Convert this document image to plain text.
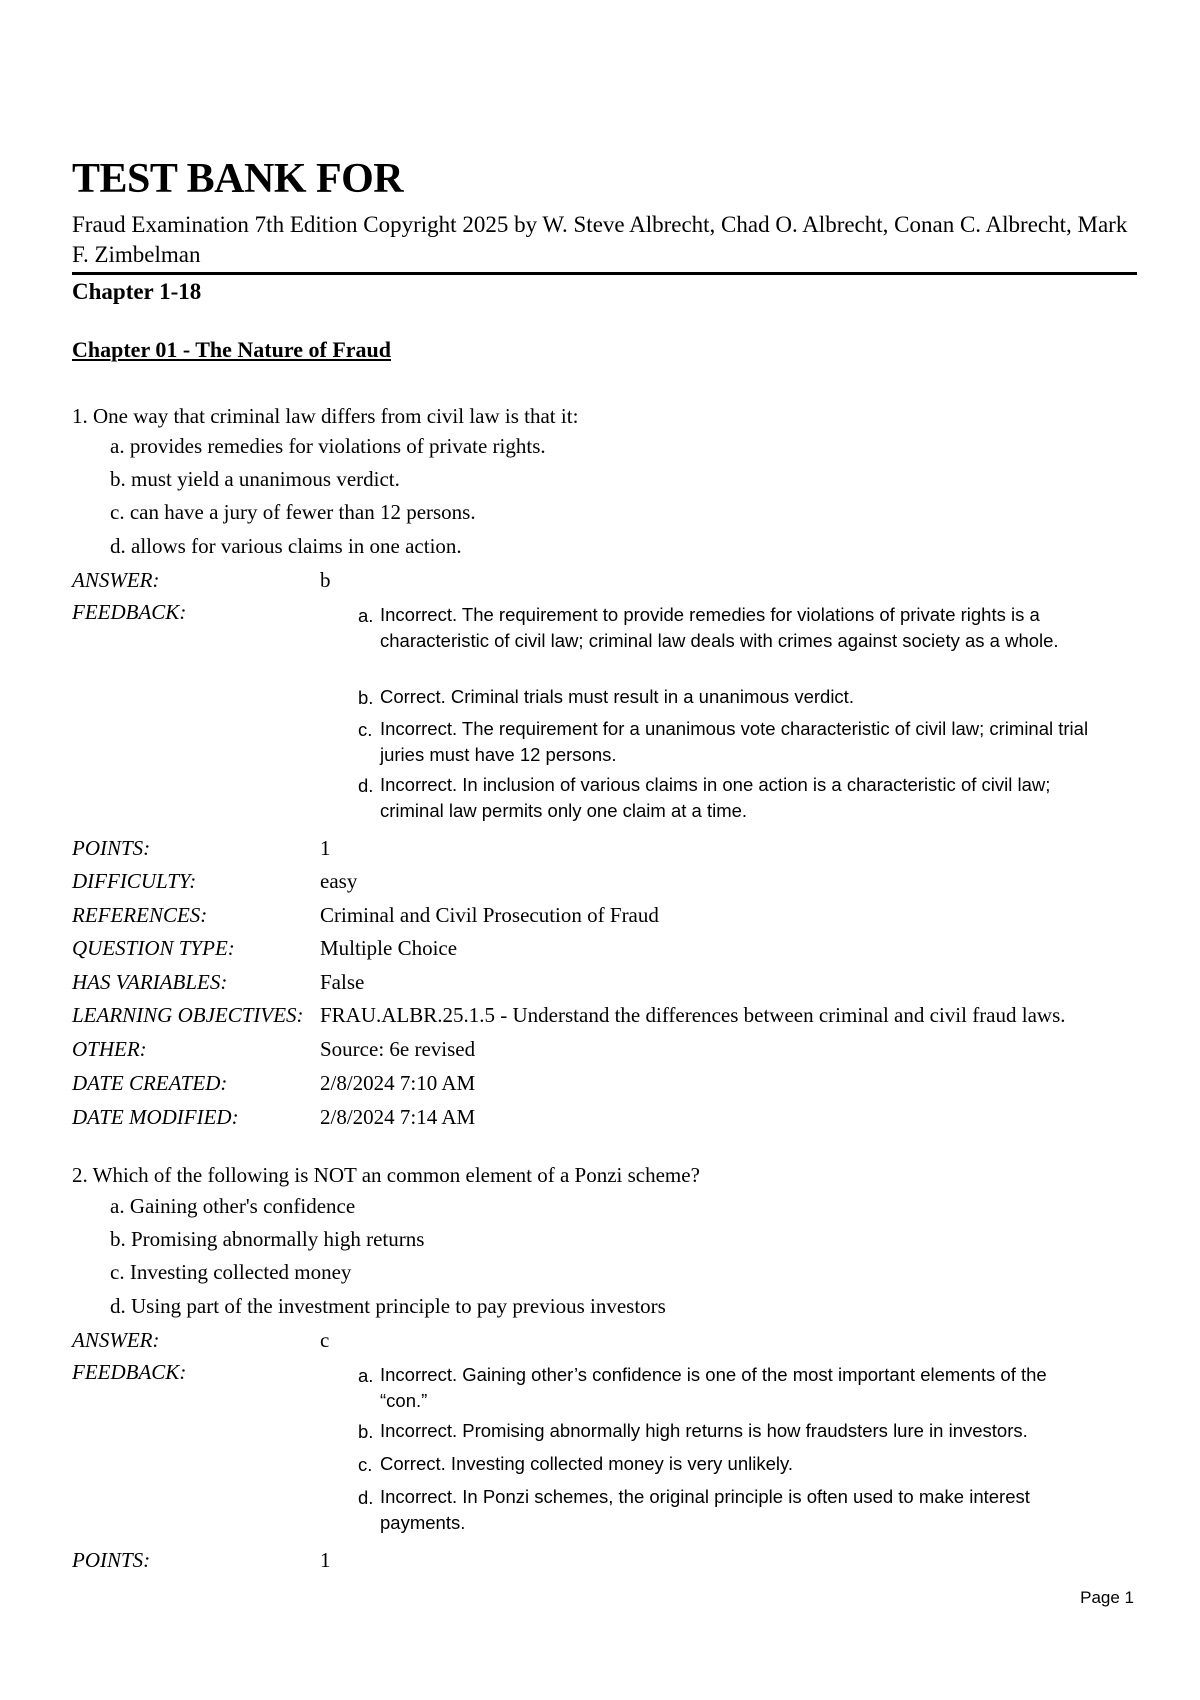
TEST BANK FOR

Fraud Examination 7th Edition Copyright 2025 by W. Steve Albrecht, Chad O. Albrecht, Conan C. Albrecht, Mark F. Zimbelman

Chapter 1-18

Chapter 01 - The Nature of Fraud

1. One way that criminal law differs from civil law is that it:

a. provides remedies for violations of private rights.

b. must yield a unanimous verdict.

c. can have a jury of fewer than 12 persons.

d. allows for various claims in one action.

ANSWER:	b

FEEDBACK:	a. Incorrect. The requirement to provide remedies for violations of private rights is a characteristic of civil law; criminal law deals with crimes against society as a whole.
b. Correct. Criminal trials must result in a unanimous verdict.
c. Incorrect. The requirement for a unanimous vote characteristic of civil law; criminal trial juries must have 12 persons.
d. Incorrect. In inclusion of various claims in one action is a characteristic of civil law; criminal law permits only one claim at a time.

POINTS:	1

DIFFICULTY:	easy

REFERENCES:	Criminal and Civil Prosecution of Fraud

QUESTION TYPE:	Multiple Choice

HAS VARIABLES:	False

LEARNING OBJECTIVES: FRAU.ALBR.25.1.5 - Understand the differences between criminal and civil fraud laws.

OTHER:	Source: 6e revised

DATE CREATED:	2/8/2024 7:10 AM

DATE MODIFIED:	2/8/2024 7:14 AM

2. Which of the following is NOT an common element of a Ponzi scheme?

a. Gaining other's confidence

b. Promising abnormally high returns

c. Investing collected money

d. Using part of the investment principle to pay previous investors

ANSWER:	c

FEEDBACK:	a. Incorrect. Gaining other’s confidence is one of the most important elements of the “con.”
b. Incorrect. Promising abnormally high returns is how fraudsters lure in investors.
c. Correct. Investing collected money is very unlikely.
d. Incorrect. In Ponzi schemes, the original principle is often used to make interest payments.

POINTS:	1

Page 1
